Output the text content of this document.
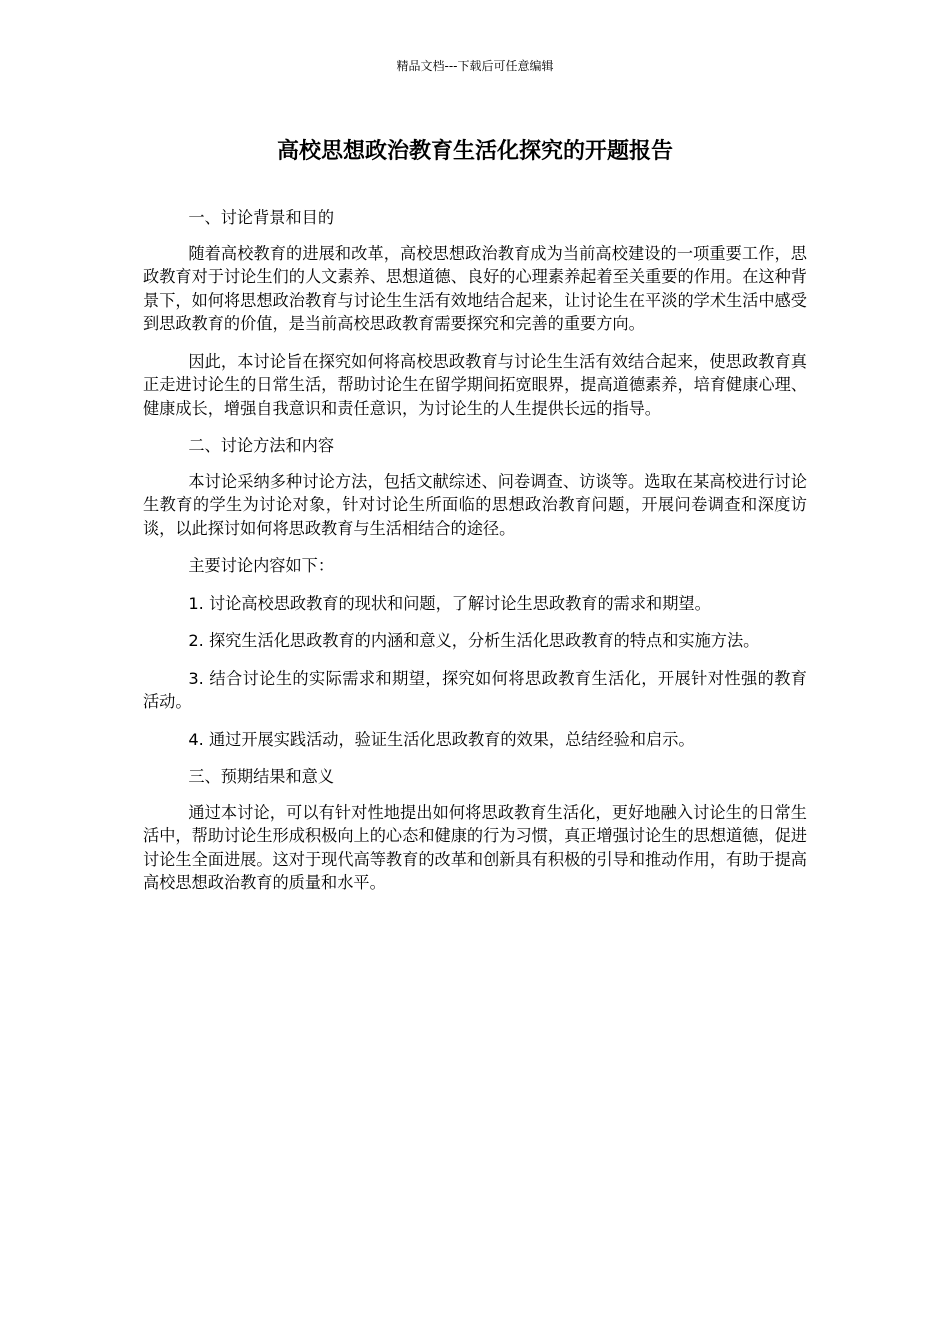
精品文档---下载后可任意编辑
高校思想政治教育生活化探究的开题报告

一、讨论背景和目的

随着高校教育的进展和改革，高校思想政治教育成为当前高校建设的一项重要工作，思政教育对于讨论生们的人文素养、思想道德、良好的心理素养起着至关重要的作用。在这种背景下，如何将思想政治教育与讨论生生活有效地结合起来，让讨论生在平淡的学术生活中感受到思政教育的价值，是当前高校思政教育需要探究和完善的重要方向。

因此，本讨论旨在探究如何将高校思政教育与讨论生生活有效结合起来，使思政教育真正走进讨论生的日常生活，帮助讨论生在留学期间拓宽眼界，提高道德素养，培育健康心理、健康成长，增强自我意识和责任意识，为讨论生的人生提供长远的指导。

二、讨论方法和内容

本讨论采纳多种讨论方法，包括文献综述、问卷调查、访谈等。选取在某高校进行讨论生教育的学生为讨论对象，针对讨论生所面临的思想政治教育问题，开展问卷调查和深度访谈，以此探讨如何将思政教育与生活相结合的途径。

主要讨论内容如下：

1. 讨论高校思政教育的现状和问题，了解讨论生思政教育的需求和期望。

2. 探究生活化思政教育的内涵和意义，分析生活化思政教育的特点和实施方法。

3. 结合讨论生的实际需求和期望，探究如何将思政教育生活化，开展针对性强的教育活动。

4. 通过开展实践活动，验证生活化思政教育的效果，总结经验和启示。

三、预期结果和意义

通过本讨论，可以有针对性地提出如何将思政教育生活化，更好地融入讨论生的日常生活中，帮助讨论生形成积极向上的心态和健康的行为习惯，真正增强讨论生的思想道德，促进讨论生全面进展。这对于现代高等教育的改革和创新具有积极的引导和推动作用，有助于提高高校思想政治教育的质量和水平。
